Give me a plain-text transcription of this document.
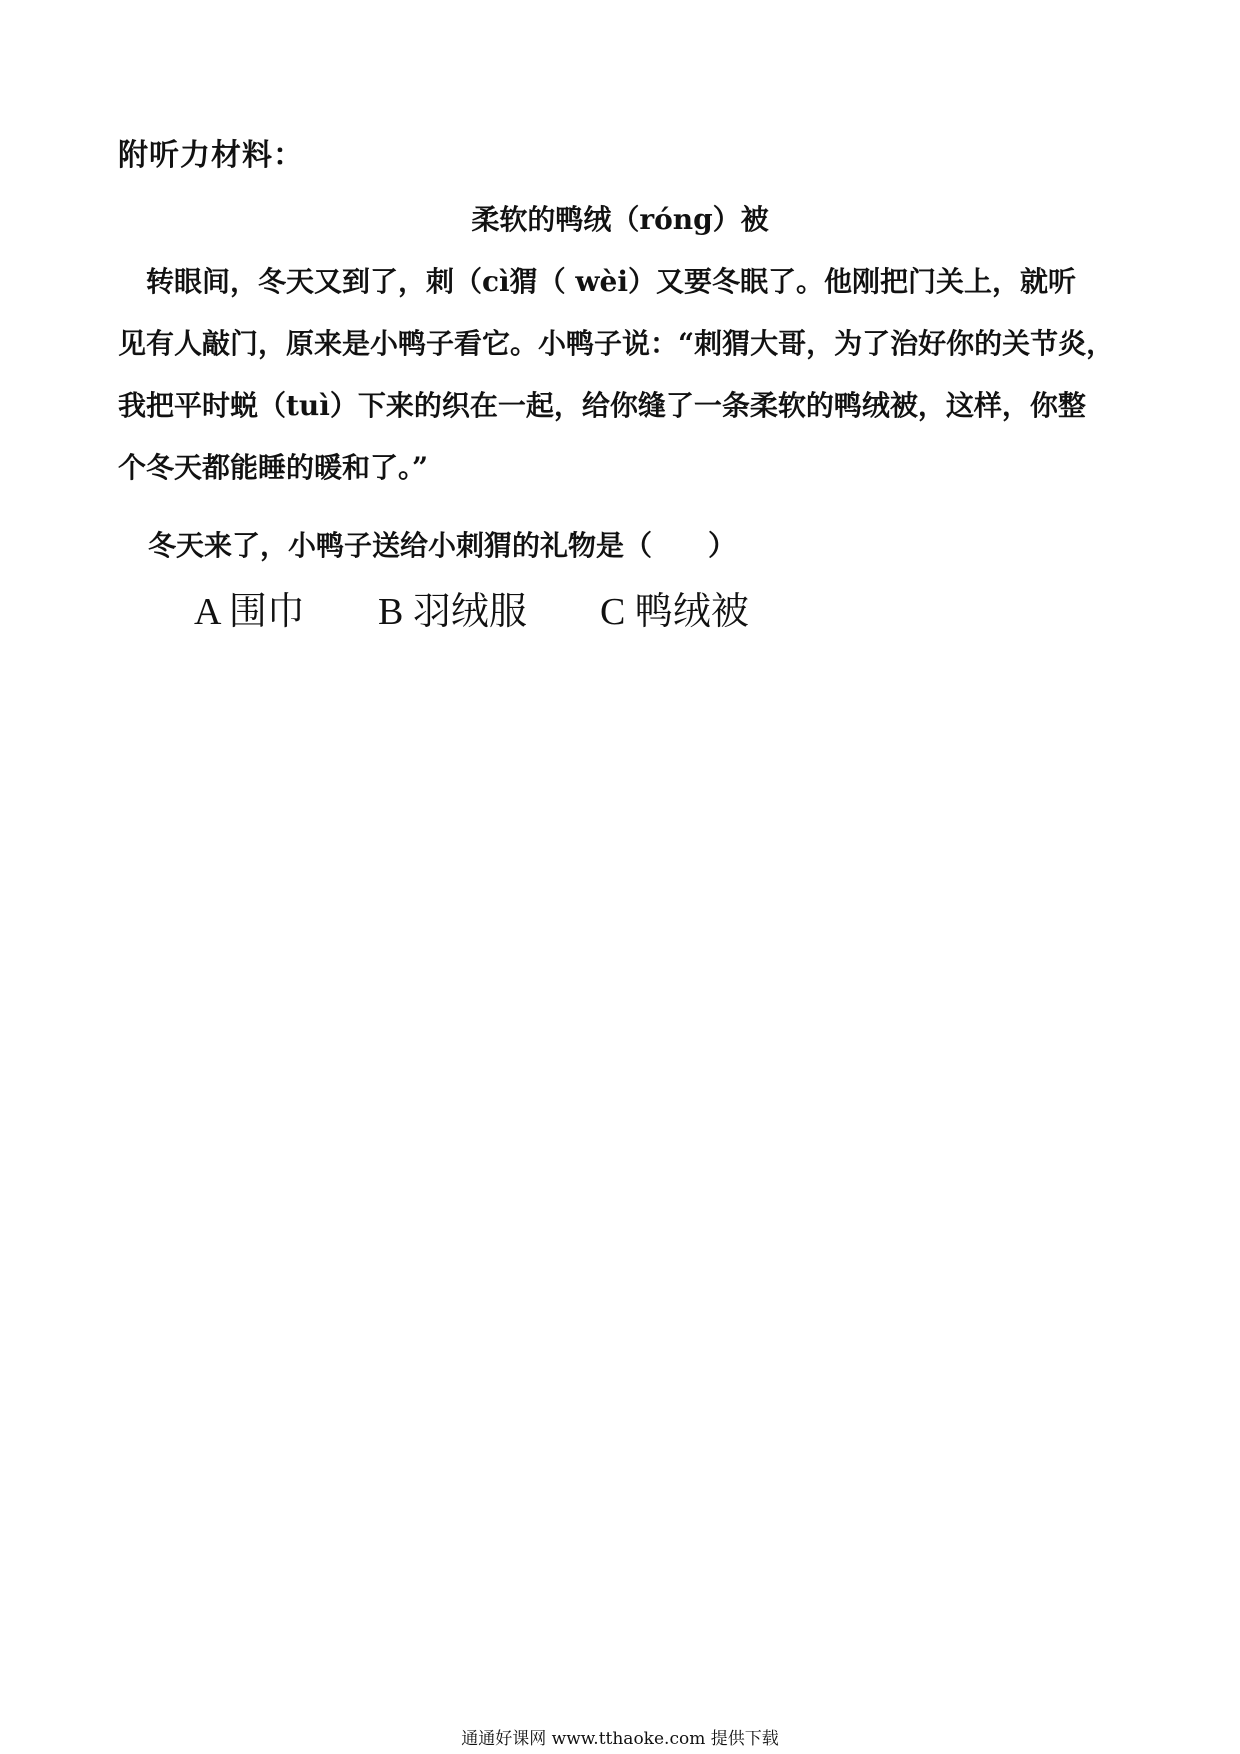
附听力材料：
柔软的鸭绒（róng）被
　转眼间，冬天又到了，刺（cì猬（ wèi）又要冬眠了。他刚把门关上，就听
见有人敲门，原来是小鸭子看它。小鸭子说：“刺猬大哥，为了治好你的关节炎，
我把平时蜕（tuì）下来的织在一起，给你缝了一条柔软的鸭绒被，这样，你整
个冬天都能睡的暖和了。”
冬天来了，小鸭子送给小刺猬的礼物是（　　）
A 围巾	B 羽绒服	C 鸭绒被
通通好课网 www.tthaoke.com 提供下载
